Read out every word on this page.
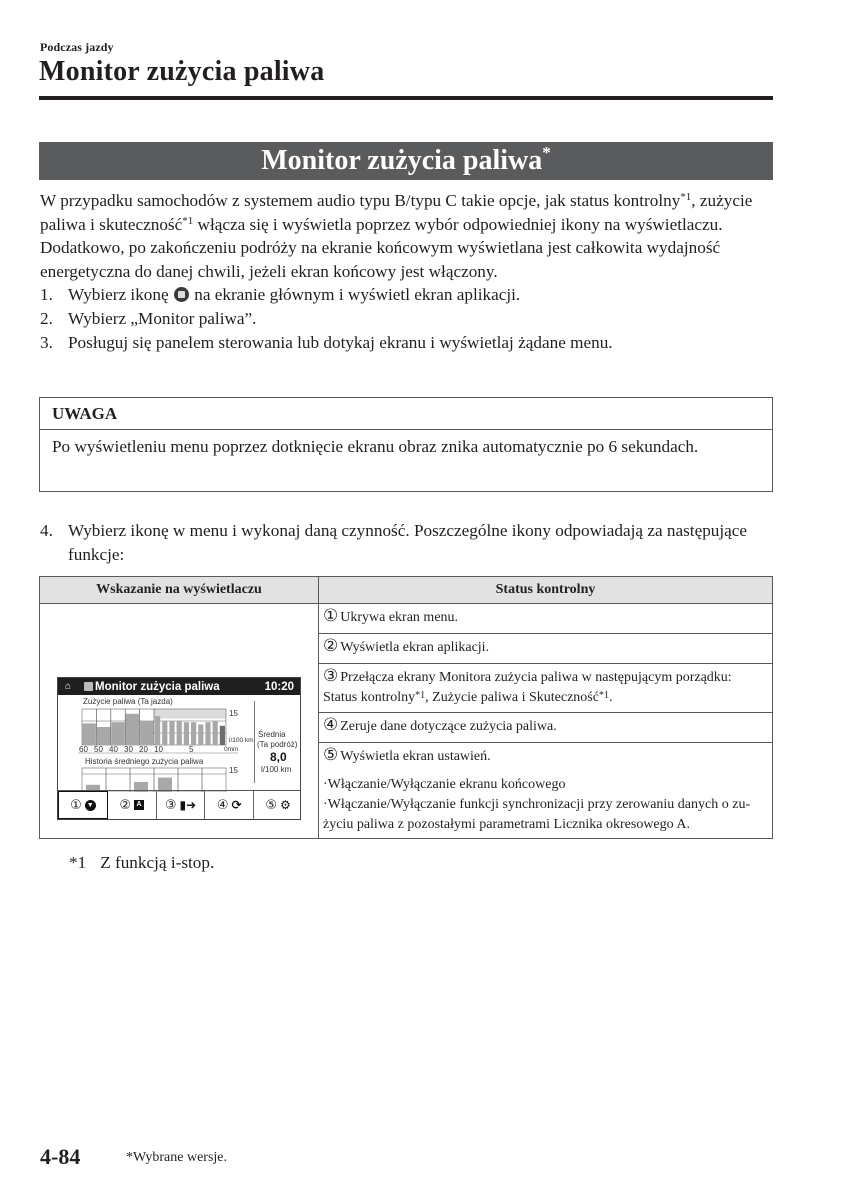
Podczas jazdy
Monitor zużycia paliwa
Monitor zużycia paliwa*

W przypadku samochodów z systemem audio typu B/typu C takie opcje, jak status kontrolny$^{*1}$, zużycie paliwa i skuteczność$^{*1}$ włącza się i wyświetla poprzez wybór odpowiedniej ikony na wyświetlaczu.

Dodatkowo, po zakończeniu podróży na ekranie końcowym wyświetlana jest całkowita wydajność energetyczna do danej chwili, jeżeli ekran końcowy jest włączony.

1. Wybierz ikonę na ekranie głównym i wyświetl ekran aplikacji.
2. Wybierz „Monitor paliwa”.
3. Posługuj się panelem sterowania lub dotykaj ekranu i wyświetlaj żądane menu.
UWAGA
Po wyświetleniu menu poprzez dotknięcie ekranu obraz znika automatycznie po 6 sekundach.
4. Wybierz ikonę w menu i wykonaj daną czynność. Poszczególne ikony odpowiadają za następujące funkcje:
Wskazanie na wyświetlaczu	Status kontrolny

⌂	Monitor zużycia paliwa	10:20
Zużycie paliwa (Ta jazda)
15
l/100 km
60 50 40 30 20 10	5	0min
Historia średniego zużycia paliwa
15
Średnia
(Ta podróż)
8,0
l/100 km
① ▼ ② A ③ ▮➜ ④ ⟳ ⑤ ⚙
	① Ukrywa ekran menu.
	② Wyświetla ekran aplikacji.
	③ Przełącza ekrany Monitora zużycia paliwa w następującym porządku: Status kontrolny$^{*1}$, Zużycie paliwa i Skuteczność$^{*1}$.
	④ Zeruje dane dotyczące zużycia paliwa.
	⑤ Wyświetla ekran ustawień.
·Włączanie/Wyłączanie ekranu końcowego
·Włączanie/Wyłączanie funkcji synchronizacji przy zerowaniu danych o zu-życiu paliwa z pozostałymi parametrami Licznika okresowego A.
*1 Z funkcją i-stop.
4-84	*Wybrane wersje.
